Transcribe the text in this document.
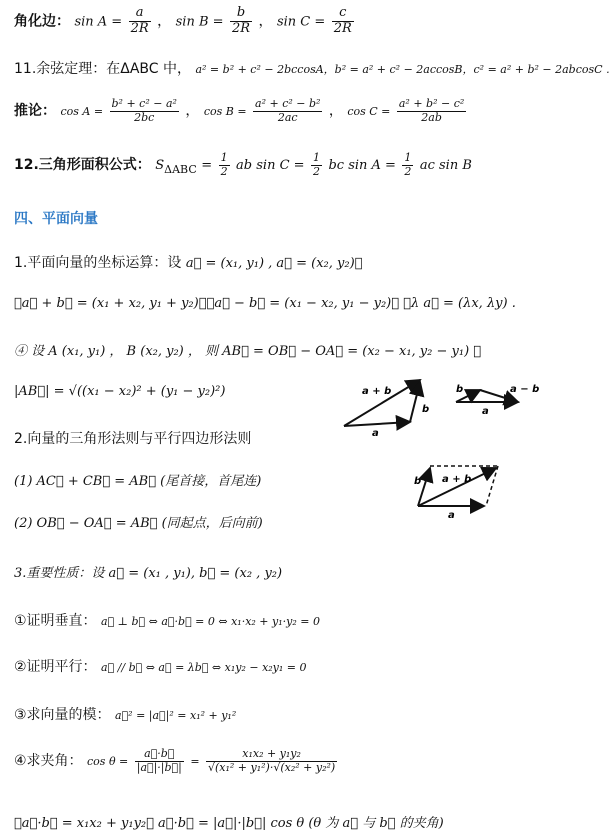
角化边： $\sin A = \frac{a}{2R}$ ， $\sin B = \frac{b}{2R}$ ， $\sin C = \frac{c}{2R}$
11.余弦定理：在ΔABC 中， a² = b² + c² − 2bccosA，b² = a² + c² − 2accosB，c² = a² + b² − 2abcosC .
推论： $\cos A = \frac{\text{b² + c² − a²}}{2bc}$ ， $\cos B = \frac{\text{a² + c² − b²}}{2ac}$ ， $\cos C = \frac{\text{a² + b² − c²}}{2ab}$
12.三角形面积公式： $S_{\Delta ABC} = \frac{1}{2}$ ab $\sin C = \frac{1}{2}$ bc $\sin A = \frac{1}{2}$ ac sin B
四、平面向量
1.平面向量的坐标运算：设 a⃗ = (x₁, y₁) , a⃗ = (x₂, y₂)，
①a⃗ + b⃗ = (x₁ + x₂, y₁ + y₂)；②a⃗ − b⃗ = (x₁ − x₂, y₁ − y₂)； ③λ a⃗ = (λx, λy) .
④ 设 A (x₁, y₁) ， B (x₂, y₂) ， 则 AB⃗ = OB⃗ − OA⃗ = (x₂ − x₁, y₂ − y₁) ，
|AB⃗| = √((x₁ − x₂)² + (y₁ − y₂)²)	a + b
b
a
b	a − b
a
2.向量的三角形法则与平行四边形法则
(1) AC⃗ + CB⃗ = AB⃗ (尾首接，首尾连)
(2) OB⃗ − OA⃗ = AB⃗ (同起点，后向前)
b a + b
a
3.重要性质：设 a⃗ = (x₁ , y₁), b⃗ = (x₂ , y₂)
①证明垂直： a⃗ ⊥ b⃗ ⇔ a⃗·b⃗ = 0 ⇔ x₁·x₂ + y₁·y₂ = 0
②证明平行： a⃗ // b⃗ ⇔ a⃗ = λb⃗ ⇔ x₁y₂ − x₂y₁ = 0
③求向量的模： a⃗² = |a⃗|² = x₁² + y₁²
④求夹角： $\cos \theta = \frac{a⃗\cdot b⃗}{|a⃗|\cdot|b⃗|} = \frac{\text{x₁x₂ + y₁y₂}}{\text{√(x₁² + y₁²)·√(x₂² + y₂²)}}$
⑤a⃗·b⃗ = x₁x₂ + y₁y₂； a⃗·b⃗ = |a⃗|·|b⃗| cos θ (θ 为 a⃗ 与 b⃗ 的夹角)
